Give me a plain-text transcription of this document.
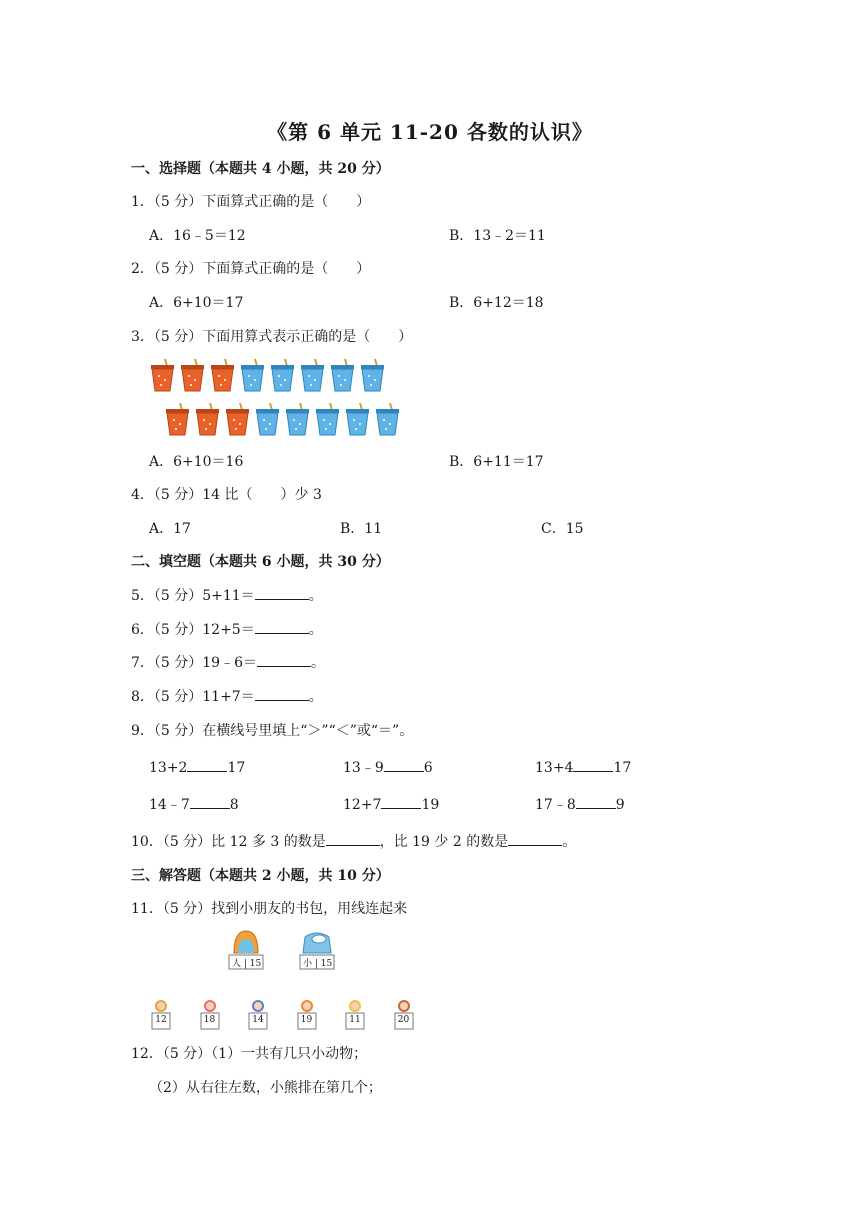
《第 6 单元 11-20 各数的认识》
一、选择题（本题共 4 小题，共 20 分）
1．（5 分）下面算式正确的是（　　）
A．16﹣5＝12	B．13﹣2＝11
2．（5 分）下面算式正确的是（　　）
A．6+10＝17	B．6+12＝18
3．（5 分）下面用算式表示正确的是（　　）
A．6+10＝16	B．6+11＝17
4．（5 分）14 比（　　）少 3
A．17	B．11	C．15
二、填空题（本题共 6 小题，共 30 分）
5．（5 分）5+11＝	。
6．（5 分）12+5＝	。
7．（5 分）19﹣6＝	。
8．（5 分）11+7＝	。
9．（5 分）在横线号里填上“＞”“＜”或“＝”。
13+2	17	13﹣9	6	13+4	17
14﹣7	8	12+7	19	17﹣8	9
10．（5 分）比 12 多 3 的数是	，比 19 少 2 的数是	。
三、解答题（本题共 2 小题，共 10 分）
11．（5 分）找到小朋友的书包，用线连起来
人 | 15	小 | 15
12	18	14	19	11	20
12．（5 分）（1）一共有几只小动物；
（2）从右往左数，小熊排在第几个；
